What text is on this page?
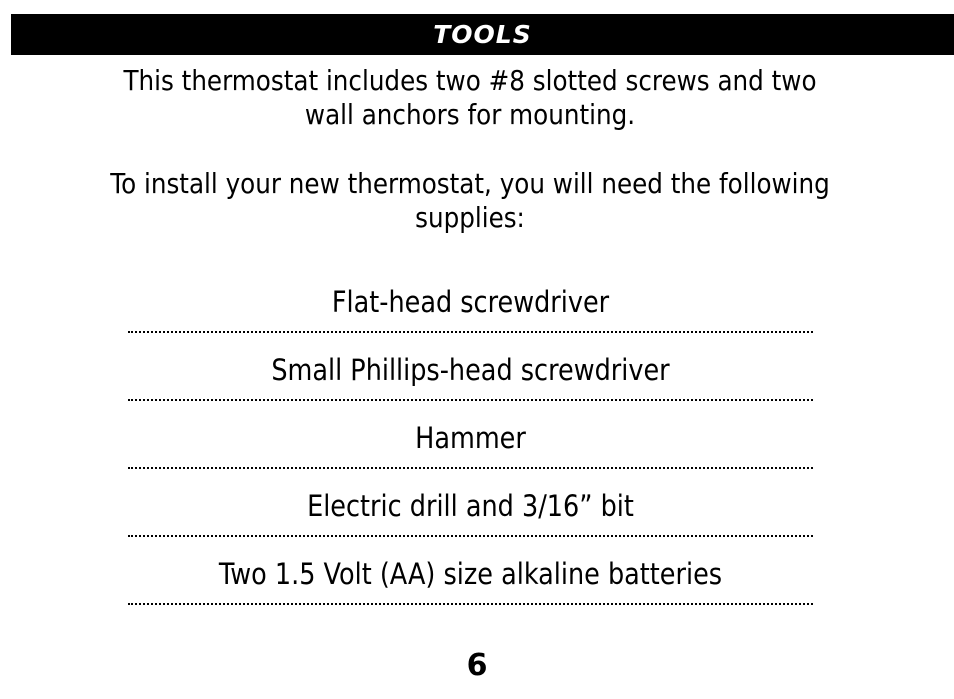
TOOLS
This thermostat includes two #8 slotted screws and two wall anchors for mounting.
To install your new thermostat, you will need the following supplies:
Flat-head screwdriver
Small Phillips-head screwdriver
Hammer
Electric drill and 3/16” bit
Two 1.5 Volt (AA) size alkaline batteries
6
